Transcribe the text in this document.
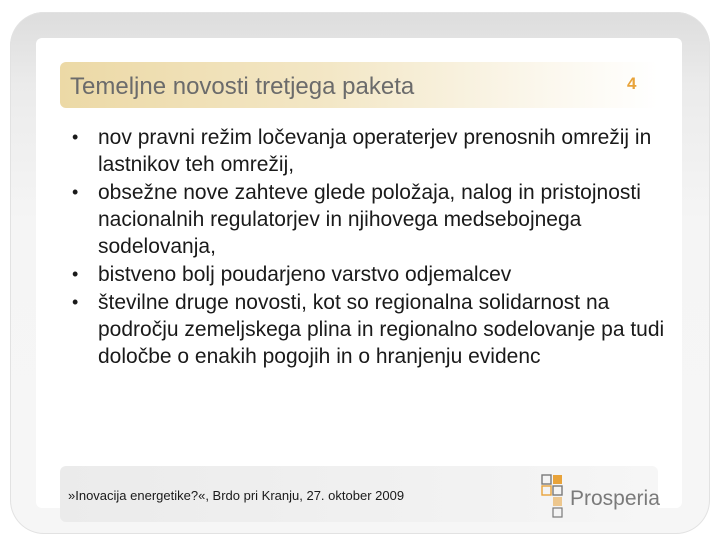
Temeljne novosti tretjega paketa	4
• nov pravni režim ločevanja operaterjev prenosnih omrežij in lastnikov teh omrežij,
• obsežne nove zahteve glede položaja, nalog in pristojnosti nacionalnih regulatorjev in njihovega medsebojnega sodelovanja,
• bistveno bolj poudarjeno varstvo odjemalcev
• številne druge novosti, kot so regionalna solidarnost na področju zemeljskega plina in regionalno sodelovanje pa tudi določbe o enakih pogojih in o hranjenju evidenc
»Inovacija energetike?«, Brdo pri Kranju, 27. oktober 2009	Prosperia
